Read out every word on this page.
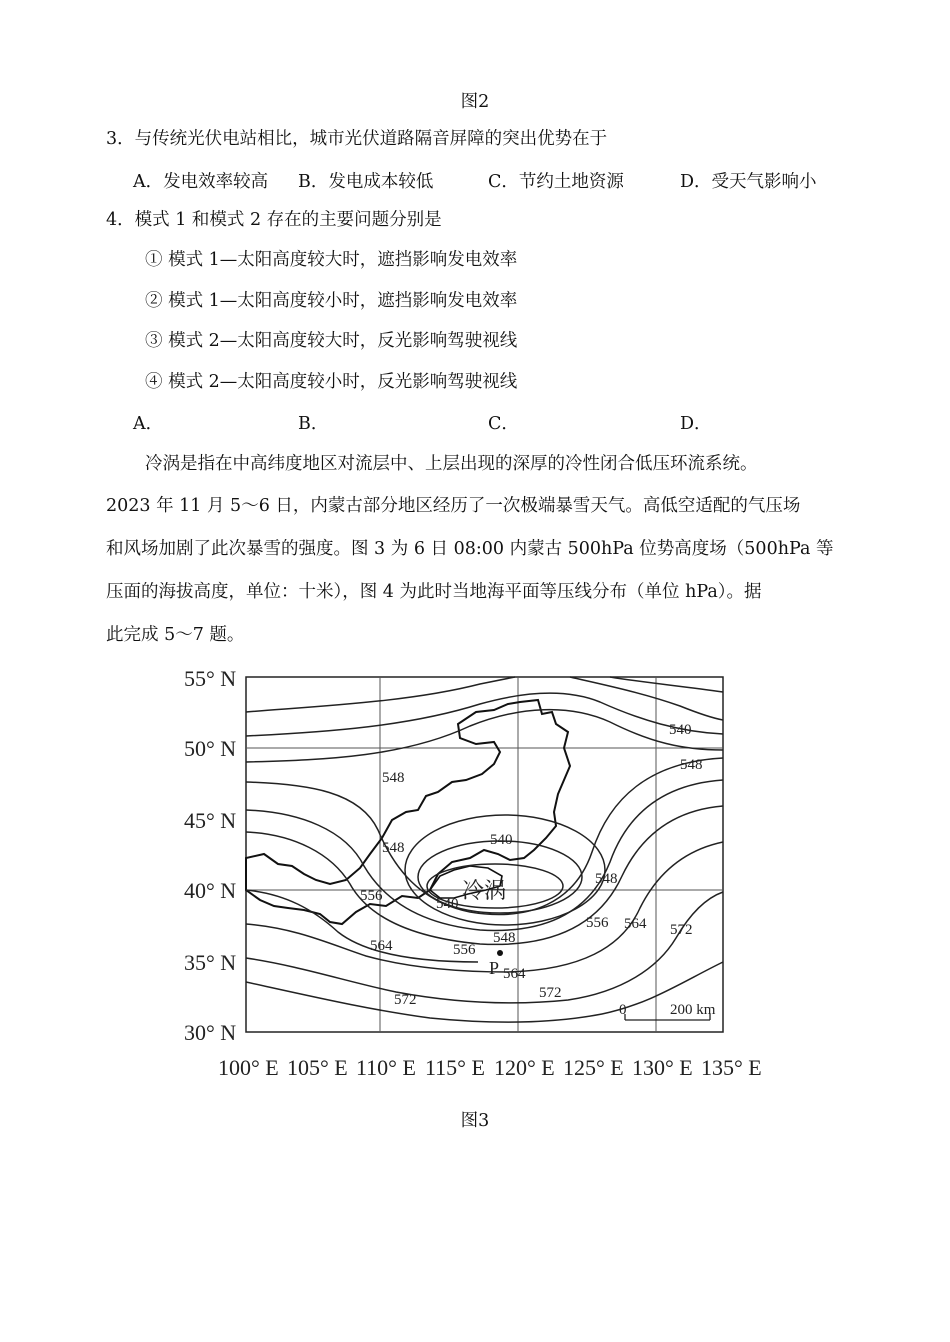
图2
3．与传统光伏电站相比，城市光伏道路隔音屏障的突出优势在于
A．发电效率较高 B．发电成本较低	C．节约土地资源	D．受天气影响小
4．模式 1 和模式 2 存在的主要问题分别是
① 模式 1—太阳高度较大时，遮挡影响发电效率
② 模式 1—太阳高度较小时，遮挡影响发电效率
③ 模式 2—太阳高度较大时，反光影响驾驶视线
④ 模式 2—太阳高度较小时，反光影响驾驶视线
A．	B．	C．	D．
冷涡是指在中高纬度地区对流层中、上层出现的深厚的冷性闭合低压环流系统。
2023 年 11 月 5～6 日，内蒙古部分地区经历了一次极端暴雪天气。高低空适配的气压场
和风场加剧了此次暴雪的强度。图 3 为 6 日 08:00 内蒙古 500hPa 位势高度场（500hPa 等
压面的海拔高度，单位：十米），图 4 为此时当地海平面等压线分布（单位 hPa）。据
此完成 5～7 题。
55° N
50° N
45° N
40° N
35° N
30° N
100° E 105° E 110° E 115° E 120° E 125° E 130° E 135° E
540
548
548
548	540
556	540
548
548
556 564 572
564	556
564
572	572
冷涡
P
0	200 km
图3
